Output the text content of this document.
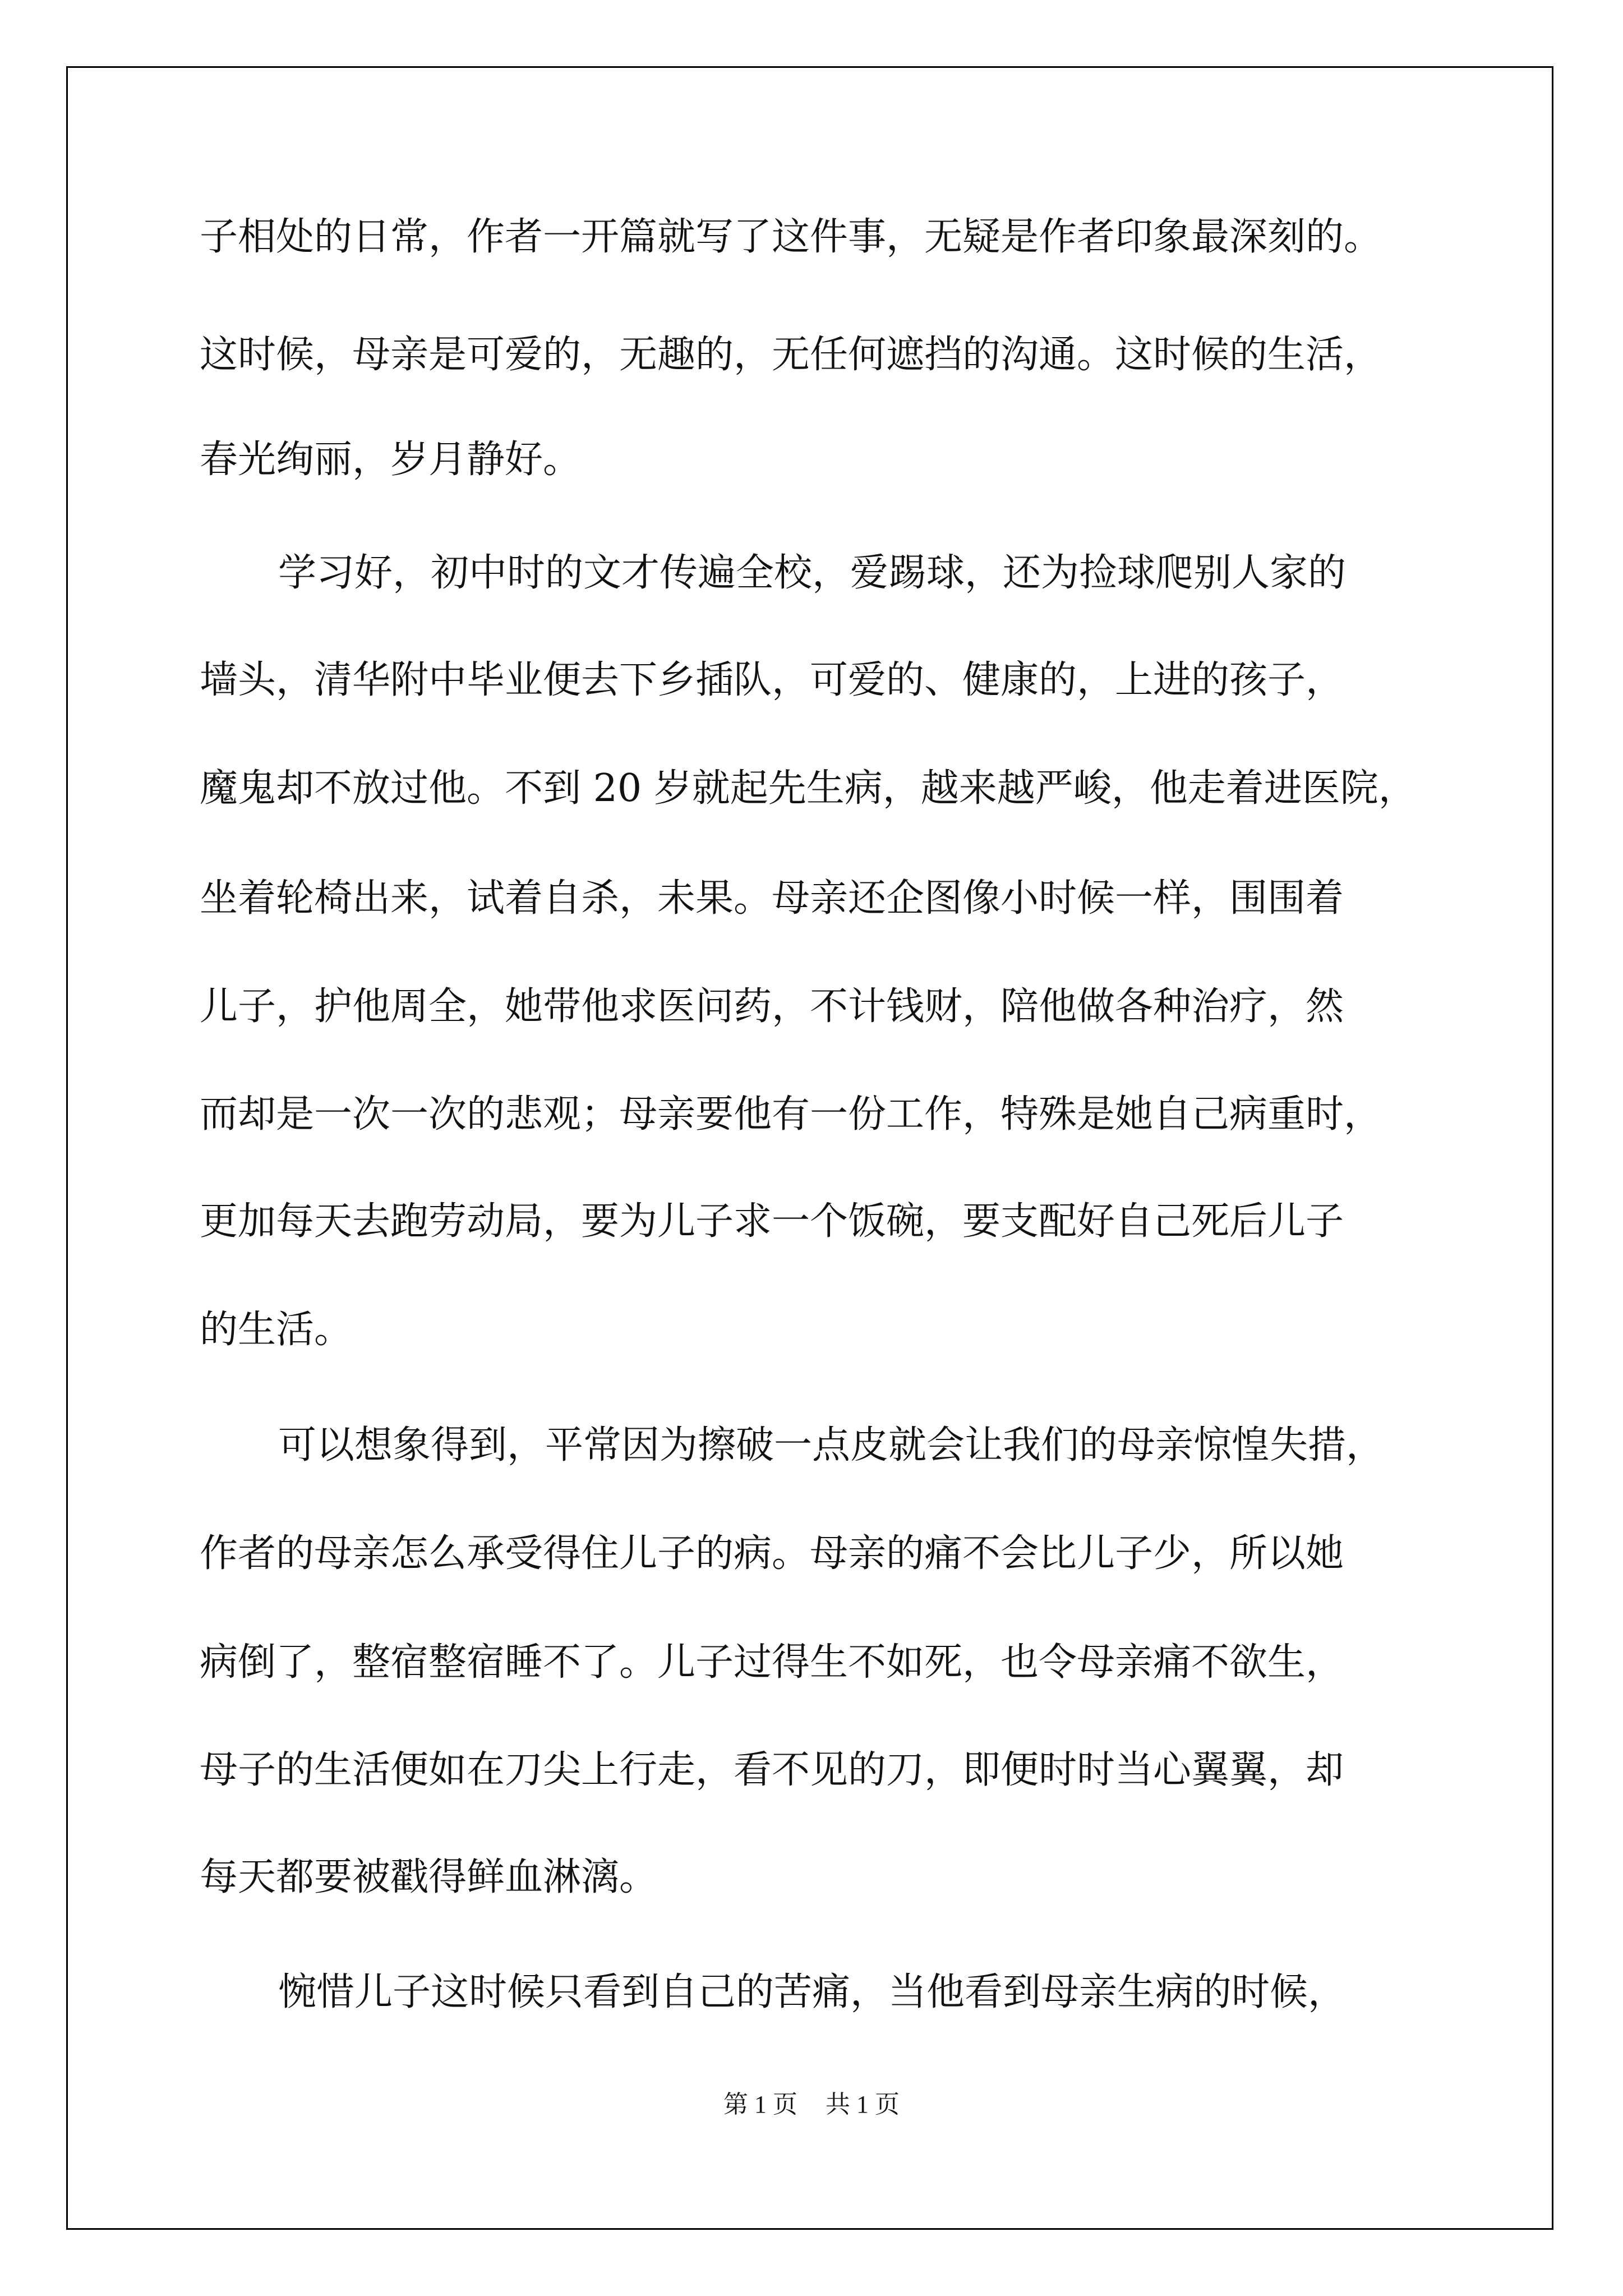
子相处的日常，作者一开篇就写了这件事，无疑是作者印象最深刻的。
这时候，母亲是可爱的，无趣的，无任何遮挡的沟通。这时候的生活，
春光绚丽，岁月静好。
学习好，初中时的文才传遍全校，爱踢球，还为捡球爬别人家的
墙头，清华附中毕业便去下乡插队，可爱的、健康的，上进的孩子，
魔鬼却不放过他。不到 20 岁就起先生病，越来越严峻，他走着进医院，
坐着轮椅出来，试着自杀，未果。母亲还企图像小时候一样，围围着
儿子，护他周全，她带他求医问药，不计钱财，陪他做各种治疗，然
而却是一次一次的悲观；母亲要他有一份工作，特殊是她自己病重时，
更加每天去跑劳动局，要为儿子求一个饭碗，要支配好自己死后儿子
的生活。
可以想象得到，平常因为擦破一点皮就会让我们的母亲惊惶失措，
作者的母亲怎么承受得住儿子的病。母亲的痛不会比儿子少，所以她
病倒了，整宿整宿睡不了。儿子过得生不如死，也令母亲痛不欲生，
母子的生活便如在刀尖上行走，看不见的刀，即便时时当心翼翼，却
每天都要被戳得鲜血淋漓。
惋惜儿子这时候只看到自己的苦痛，当他看到母亲生病的时候，
第 1 页 共 1 页
